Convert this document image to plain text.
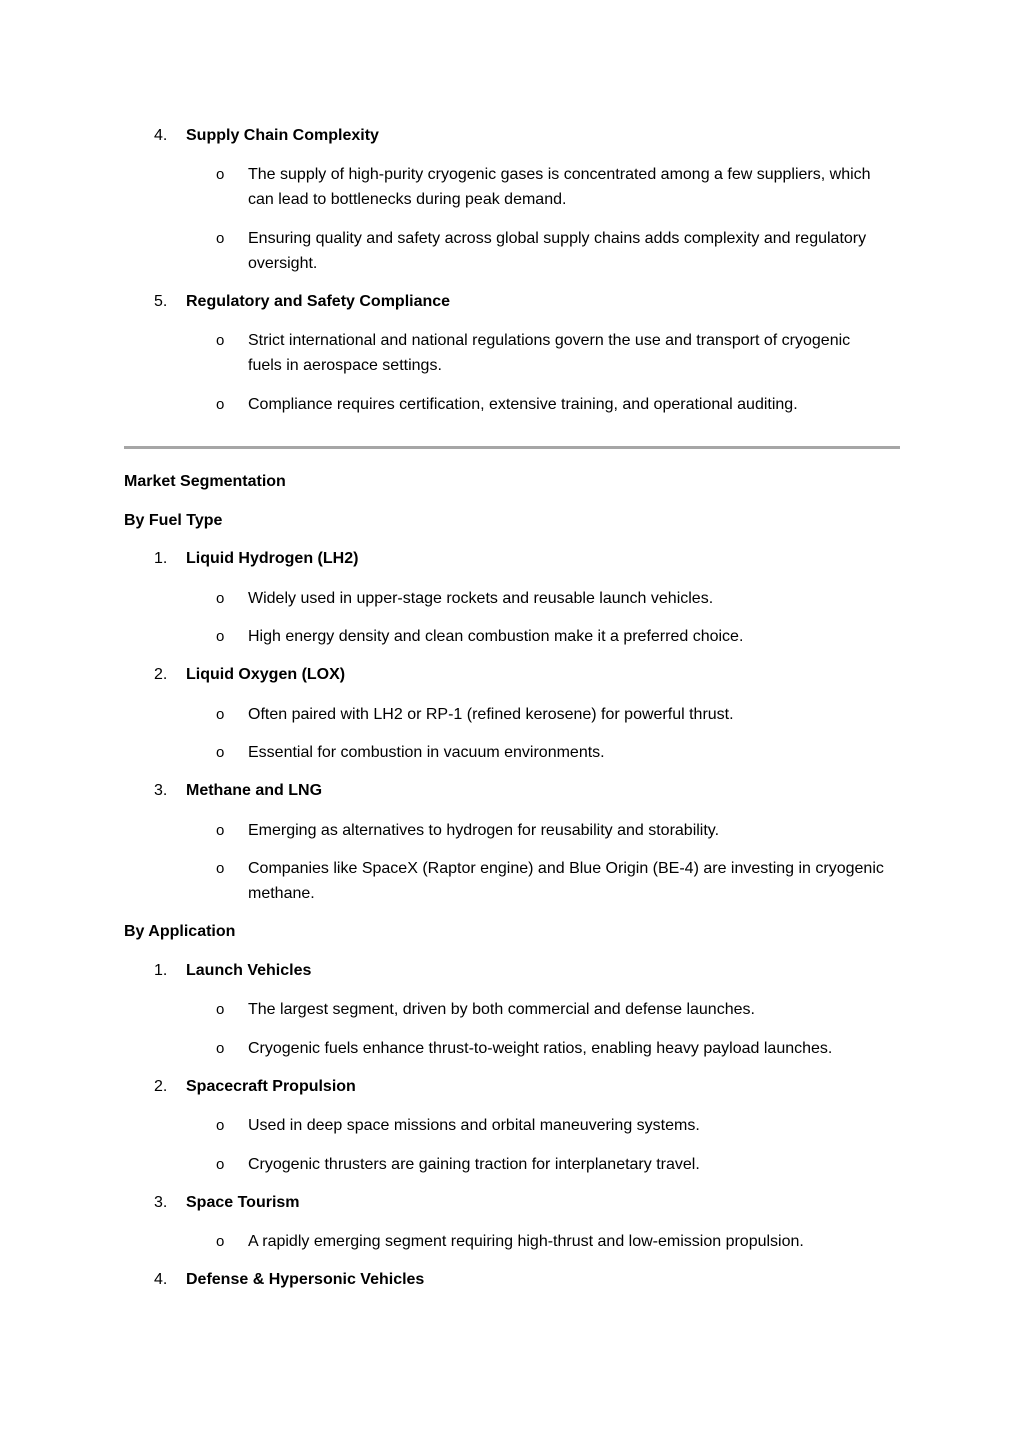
4.	Supply Chain Complexity
o	The supply of high-purity cryogenic gases is concentrated among a few suppliers, which can lead to bottlenecks during peak demand.
o	Ensuring quality and safety across global supply chains adds complexity and regulatory oversight.
5.	Regulatory and Safety Compliance
o	Strict international and national regulations govern the use and transport of cryogenic fuels in aerospace settings.
o	Compliance requires certification, extensive training, and operational auditing.
Market Segmentation
By Fuel Type
1.	Liquid Hydrogen (LH2)
o	Widely used in upper-stage rockets and reusable launch vehicles.
o	High energy density and clean combustion make it a preferred choice.
2.	Liquid Oxygen (LOX)
o	Often paired with LH2 or RP-1 (refined kerosene) for powerful thrust.
o	Essential for combustion in vacuum environments.
3.	Methane and LNG
o	Emerging as alternatives to hydrogen for reusability and storability.
o	Companies like SpaceX (Raptor engine) and Blue Origin (BE-4) are investing in cryogenic methane.
By Application
1.	Launch Vehicles
o	The largest segment, driven by both commercial and defense launches.
o	Cryogenic fuels enhance thrust-to-weight ratios, enabling heavy payload launches.
2.	Spacecraft Propulsion
o	Used in deep space missions and orbital maneuvering systems.
o	Cryogenic thrusters are gaining traction for interplanetary travel.
3.	Space Tourism
o	A rapidly emerging segment requiring high-thrust and low-emission propulsion.
4.	Defense & Hypersonic Vehicles
